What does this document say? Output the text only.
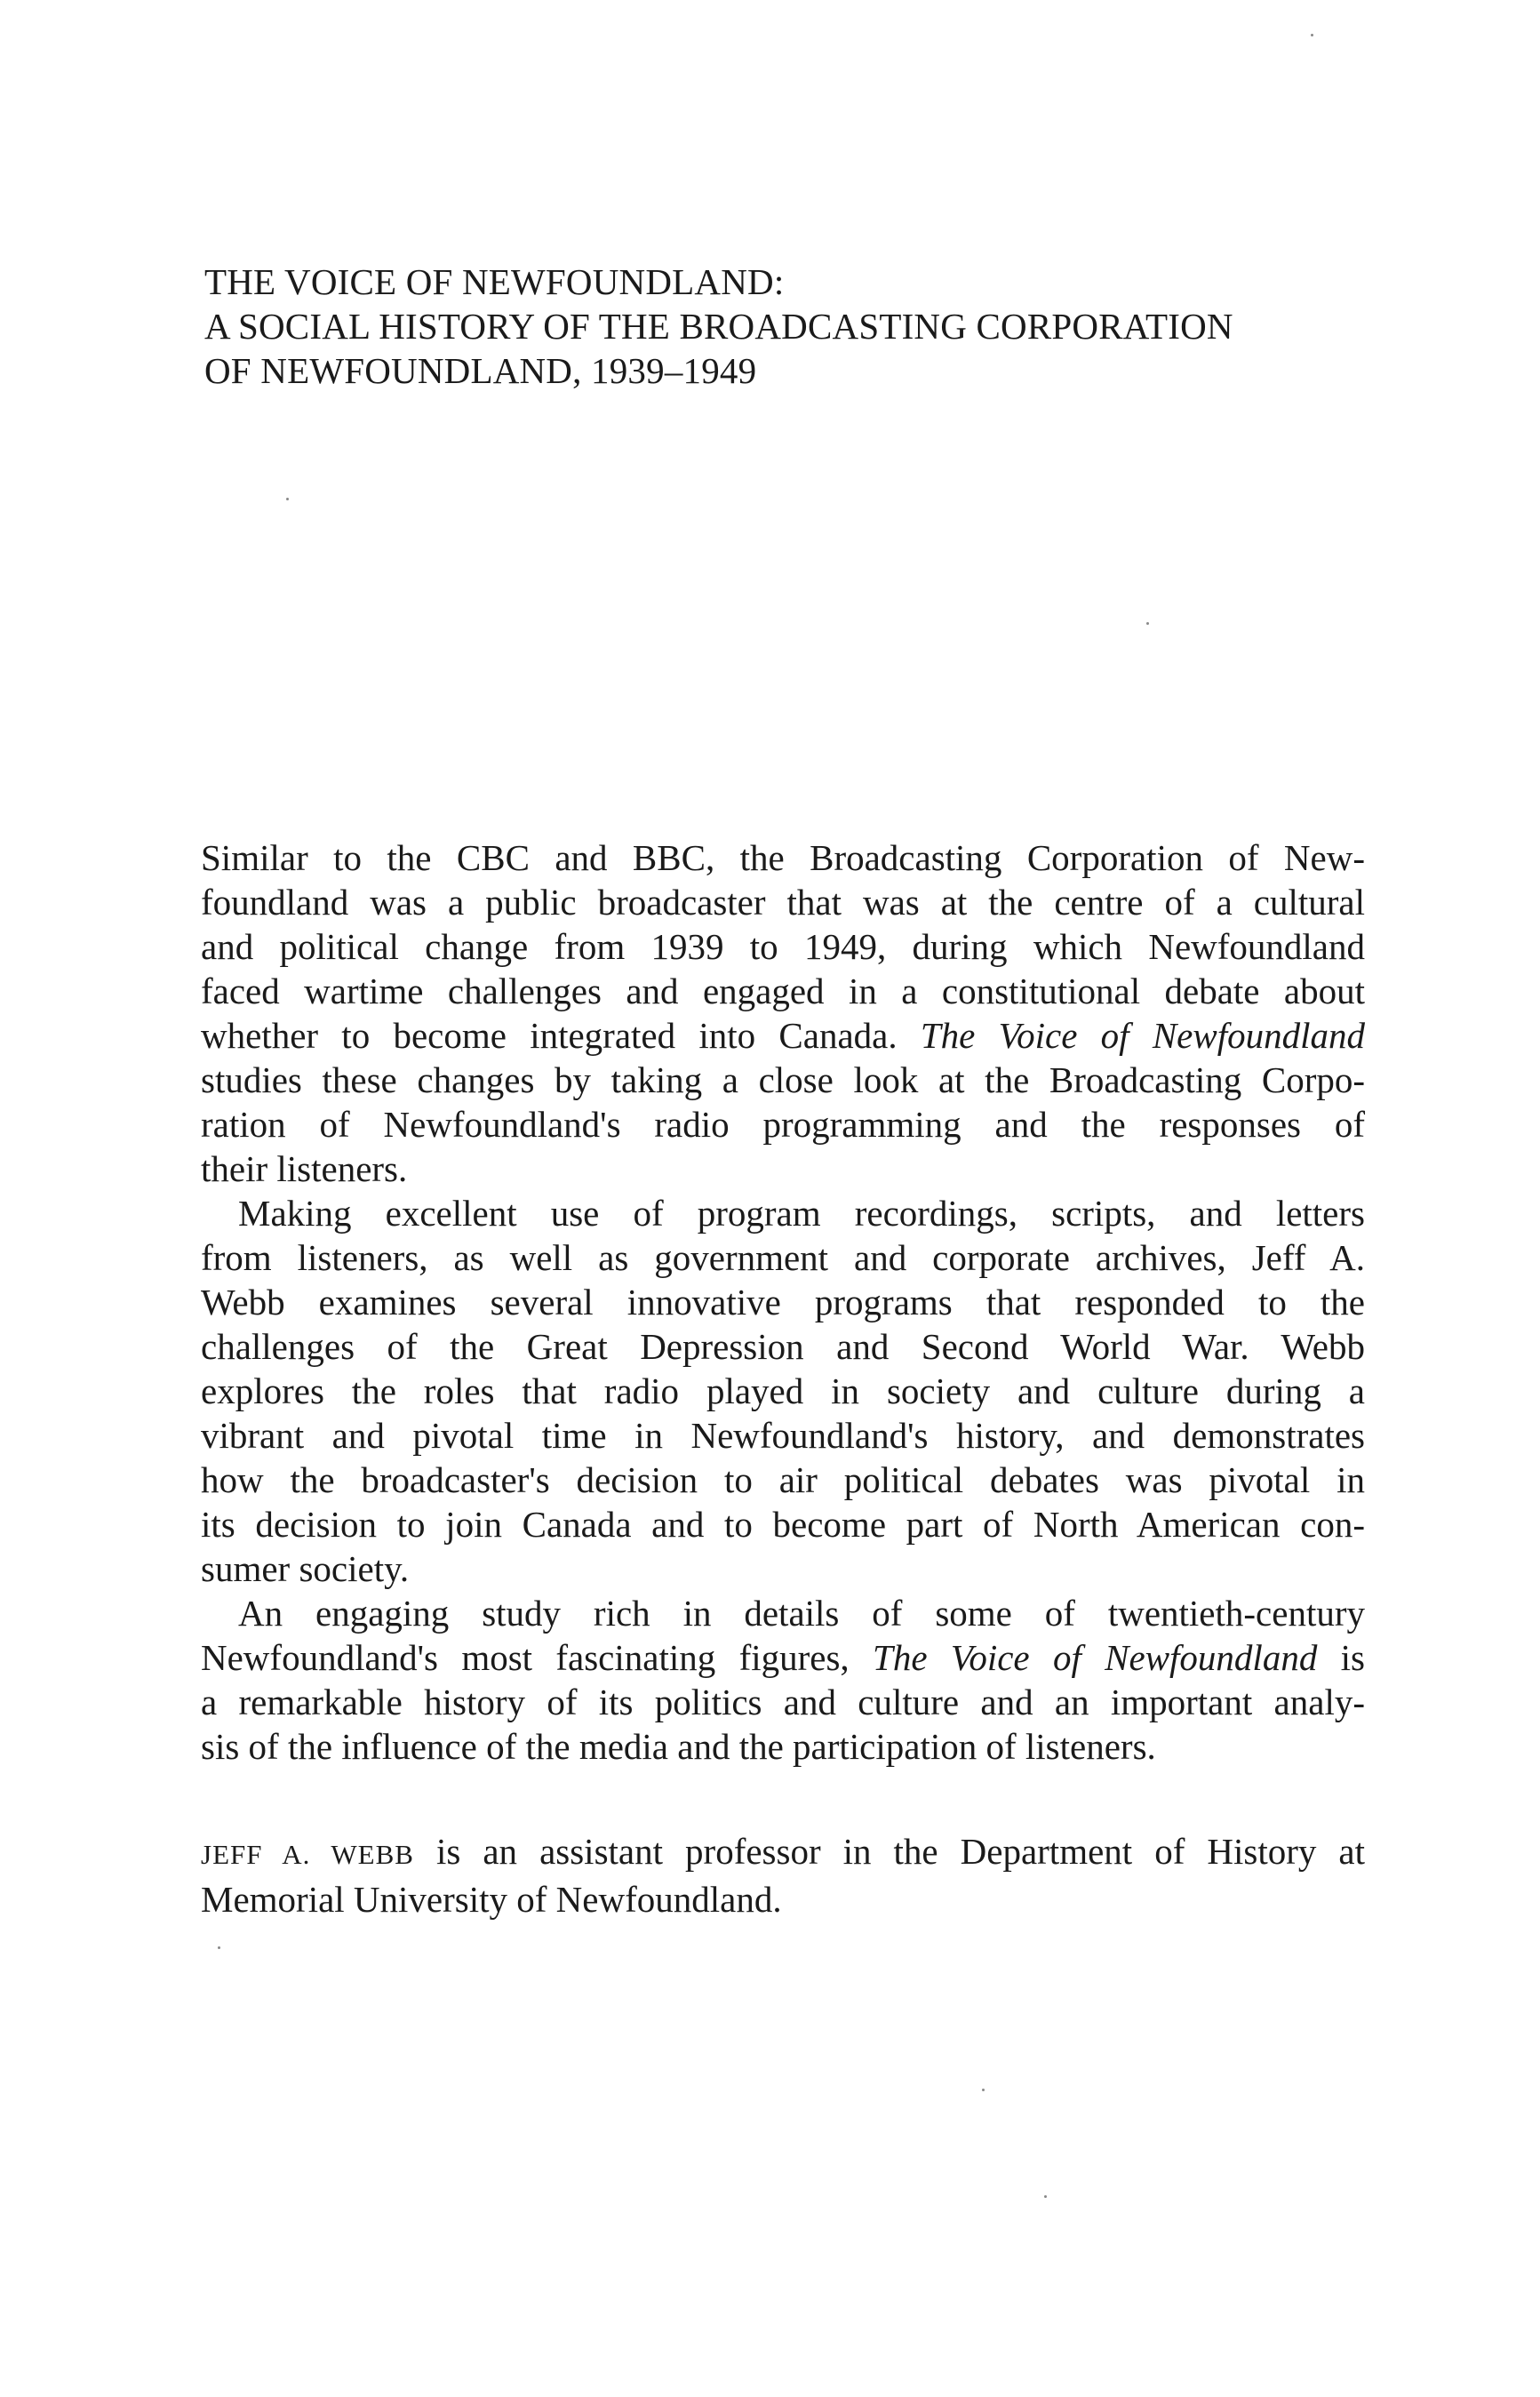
THE VOICE OF NEWFOUNDLAND:
A SOCIAL HISTORY OF THE BROADCASTING CORPORATION
OF NEWFOUNDLAND, 1939–1949

Similar to the CBC and BBC, the Broadcasting Corporation of New-
foundland was a public broadcaster that was at the centre of a cultural
and political change from 1939 to 1949, during which Newfoundland
faced wartime challenges and engaged in a constitutional debate about
whether to become integrated into Canada. The Voice of Newfoundland
studies these changes by taking a close look at the Broadcasting Corpo-
ration of Newfoundland's radio programming and the responses of
their listeners.

Making excellent use of program recordings, scripts, and letters
from listeners, as well as government and corporate archives, Jeff A.
Webb examines several innovative programs that responded to the
challenges of the Great Depression and Second World War. Webb
explores the roles that radio played in society and culture during a
vibrant and pivotal time in Newfoundland's history, and demonstrates
how the broadcaster's decision to air political debates was pivotal in
its decision to join Canada and to become part of North American con-
sumer society.

An engaging study rich in details of some of twentieth-century
Newfoundland's most fascinating figures, The Voice of Newfoundland is
a remarkable history of its politics and culture and an important analy-
sis of the influence of the media and the participation of listeners.

JEFF A. WEBB is an assistant professor in the Department of History at
Memorial University of Newfoundland.
